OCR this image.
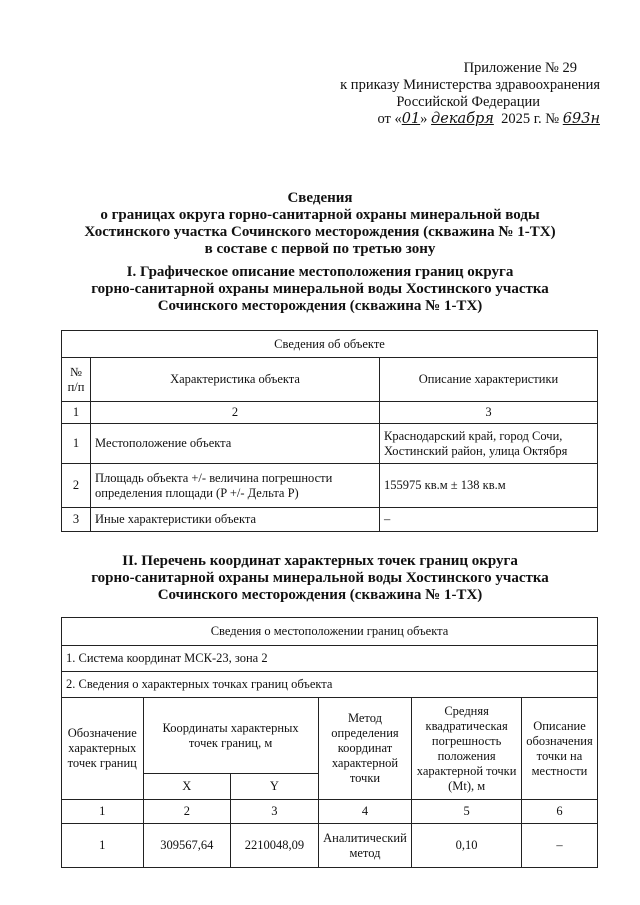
Приложение № 29
к приказу Министерства здравоохранения
Российской Федерации
от «01» декабря 2025 г. № 693н
Сведения
о границах округа горно-санитарной охраны минеральной воды
Хостинского участка Сочинского месторождения (скважина № 1-ТХ)
в составе с первой по третью зону
I. Графическое описание местоположения границ округа
горно-санитарной охраны минеральной воды Хостинского участка
Сочинского месторождения (скважина № 1-ТХ)
Сведения об объекте		
№ п/п	Характеристика объекта	Описание характеристики
1	2	3
1	Местоположение объекта	Краснодарский край, город Сочи, Хостинский район, улица Октября
2	Площадь объекта +/- величина погрешности определения площади (P +/- Дельта P)	155975 кв.м ± 138 кв.м
3	Иные характеристики объекта	–
II. Перечень координат характерных точек границ округа
горно-санитарной охраны минеральной воды Хостинского участка
Сочинского месторождения (скважина № 1-ТХ)
Сведения о местоположении границ объекта					
1. Система координат МСК-23, зона 2					
2. Сведения о характерных точках границ объекта					
Обозначение характерных точек границ	Координаты характерных точек границ, м		Метод определения координат характерной точки	Средняя квадратическая погрешность положения характерной точки (Mt), м	Описание обозначения точки на местности
	X	Y			
1	2	3	4	5	6
1	309567,64	2210048,09	Аналитический метод	0,10	–
